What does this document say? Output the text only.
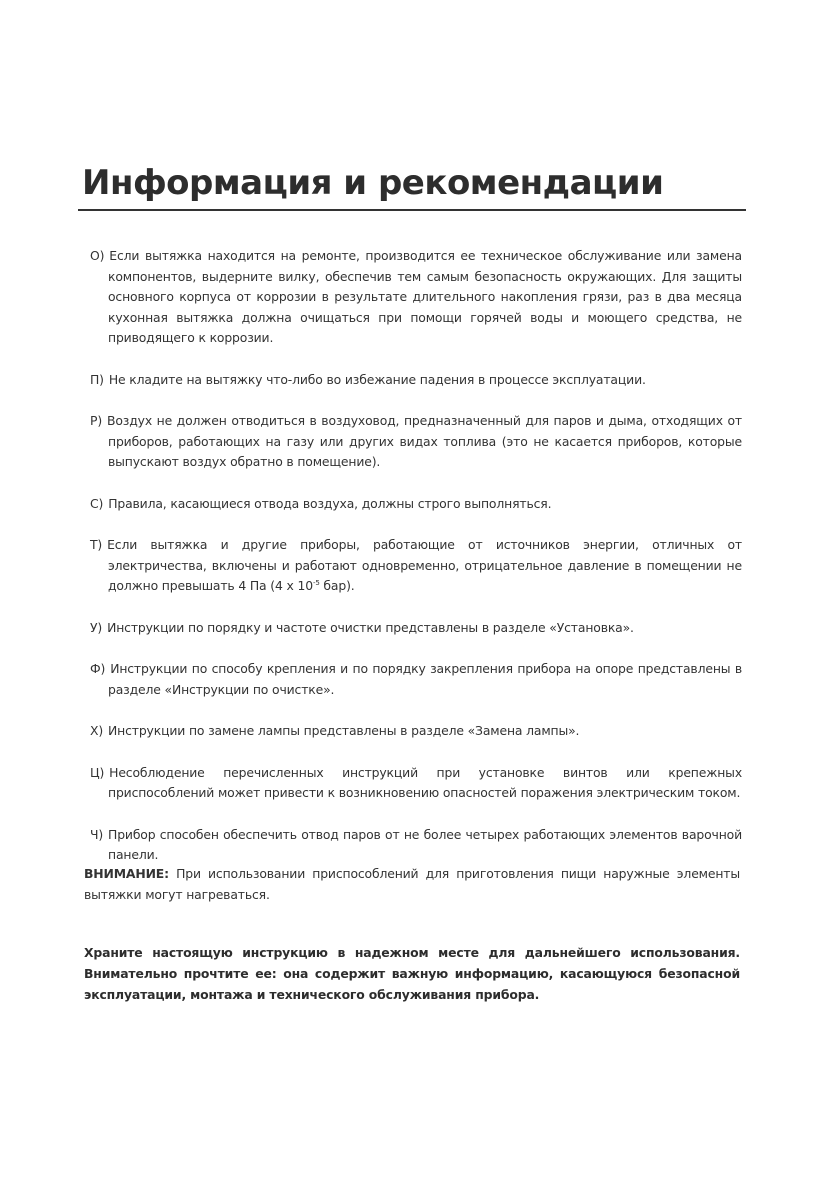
Информация и рекомендации
О) Если вытяжка находится на ремонте, производится ее техническое обслуживание или замена компонентов, выдерните вилку, обеспечив тем самым безопасность окружающих. Для защиты основного корпуса от коррозии в результате длительного накопления грязи, раз в два месяца кухонная вытяжка должна очищаться при помощи горячей воды и моющего средства, не приводящего к коррозии.
П) Не кладите на вытяжку что-либо во избежание падения в процессе эксплуатации.
Р) Воздух не должен отводиться в воздуховод, предназначенный для паров и дыма, отходящих от приборов, работающих на газу или других видах топлива (это не касается приборов, которые выпускают воздух обратно в помещение).
С) Правила, касающиеся отвода воздуха, должны строго выполняться.
Т) Если вытяжка и другие приборы, работающие от источников энергии, отличных от электричества, включены и работают одновременно, отрицательное давление в помещении не должно превышать 4 Па (4 х $10^{-5}$ бар).
У) Инструкции по порядку и частоте очистки представлены в разделе «Установка».
Ф) Инструкции по способу крепления и по порядку закрепления прибора на опоре представлены в разделе «Инструкции по очистке».
Х) Инструкции по замене лампы представлены в разделе «Замена лампы».
Ц) Несоблюдение перечисленных инструкций при установке винтов или крепежных приспособлений может привести к возникновению опасностей поражения электрическим током.
Ч) Прибор способен обеспечить отвод паров от не более четырех работающих элементов варочной панели.

ВНИМАНИЕ: При использовании приспособлений для приготовления пищи наружные элементы вытяжки могут нагреваться.

Храните настоящую инструкцию в надежном месте для дальнейшего использования. Внимательно прочтите ее: она содержит важную информацию, касающуюся безопасной эксплуатации, монтажа и технического обслуживания прибора.
